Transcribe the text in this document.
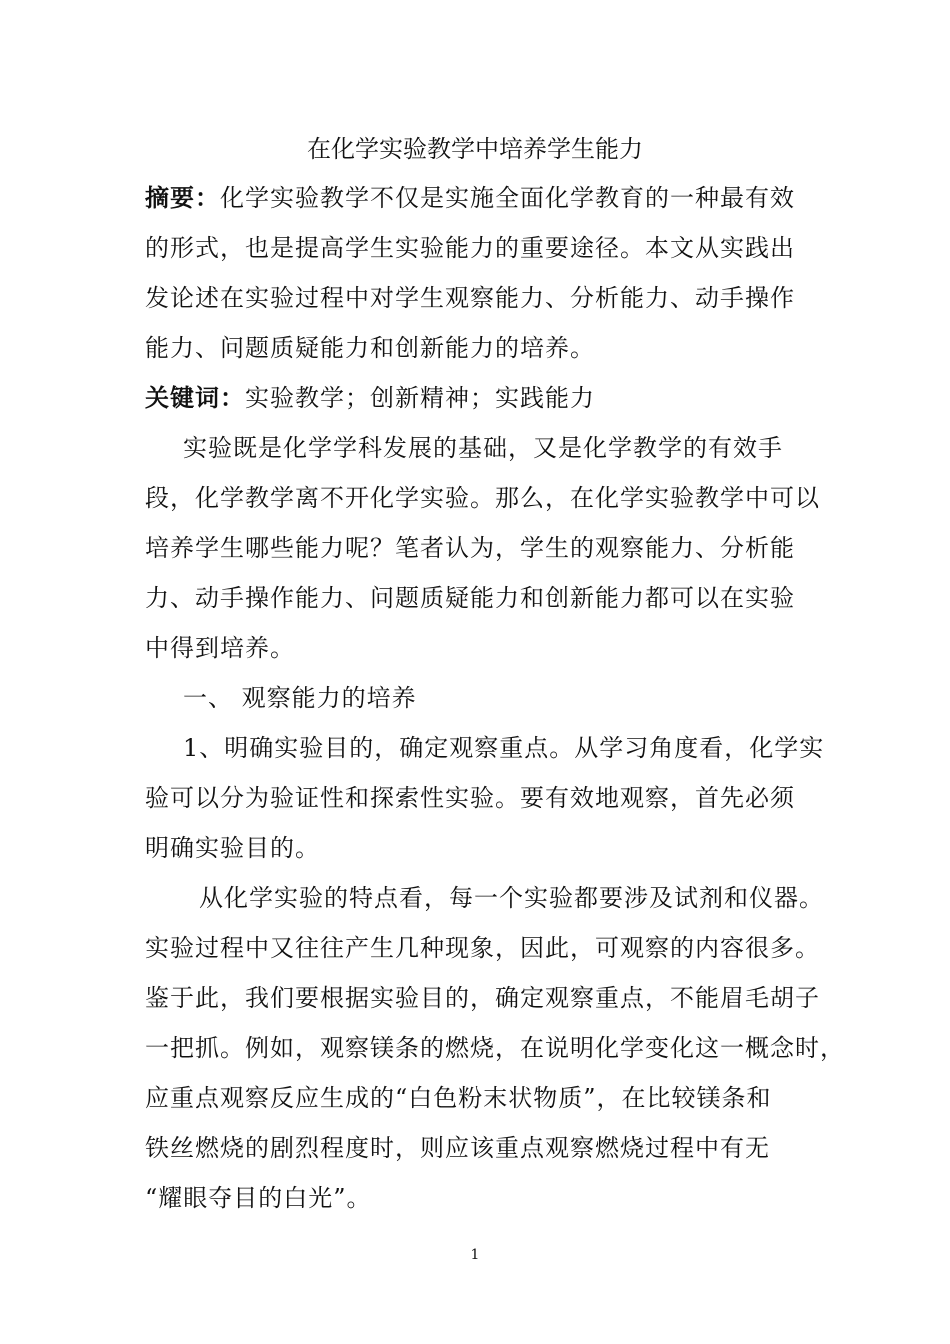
在化学实验教学中培养学生能力
摘要：化学实验教学不仅是实施全面化学教育的一种最有效
的形式，也是提高学生实验能力的重要途径。本文从实践出
发论述在实验过程中对学生观察能力、分析能力、动手操作
能力、问题质疑能力和创新能力的培养。
关键词：实验教学；创新精神；实践能力
实验既是化学学科发展的基础，又是化学教学的有效手
段，化学教学离不开化学实验。那么，在化学实验教学中可以
培养学生哪些能力呢？笔者认为，学生的观察能力、分析能
力、动手操作能力、问题质疑能力和创新能力都可以在实验
中得到培养。
一、 观察能力的培养
1、明确实验目的，确定观察重点。从学习角度看，化学实
验可以分为验证性和探索性实验。要有效地观察，首先必须
明确实验目的。
从化学实验的特点看，每一个实验都要涉及试剂和仪器。
实验过程中又往往产生几种现象，因此，可观察的内容很多。
鉴于此，我们要根据实验目的，确定观察重点，不能眉毛胡子
一把抓。例如，观察镁条的燃烧，在说明化学变化这一概念时，
应重点观察反应生成的“白色粉末状物质”，在比较镁条和
铁丝燃烧的剧烈程度时，则应该重点观察燃烧过程中有无
“耀眼夺目的白光”。
1
